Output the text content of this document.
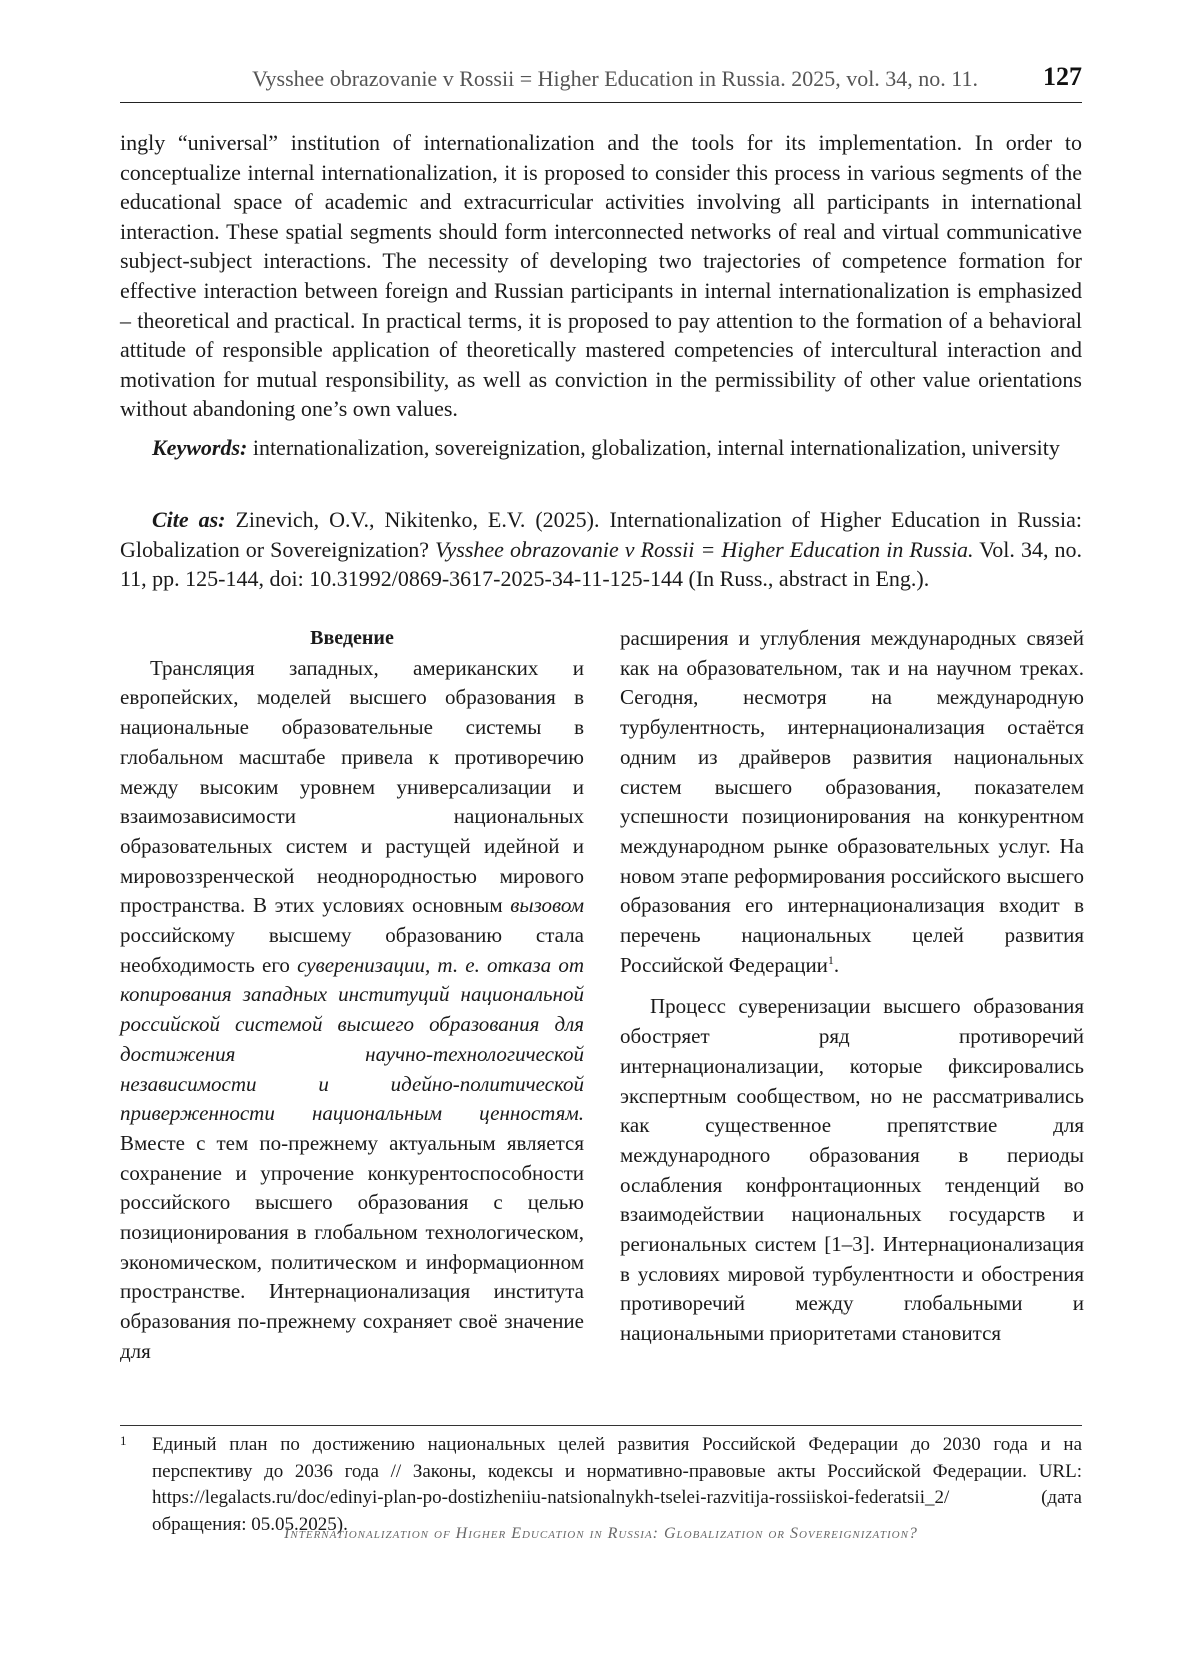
Vysshee obrazovanie v Rossii = Higher Education in Russia. 2025, vol. 34, no. 11.	127

ingly “universal” institution of internationalization and the tools for its implementation. In order to conceptualize internal internationalization, it is proposed to consider this process in various segments of the educational space of academic and extracurricular activities involving all participants in international interaction. These spatial segments should form interconnected networks of real and virtual communicative subject-subject interactions. The necessity of developing two trajectories of competence formation for effective interaction between foreign and Russian participants in internal internationalization is emphasized – theoretical and practical. In practical terms, it is proposed to pay attention to the formation of a behavioral attitude of responsible application of theoretically mastered competencies of intercultural interaction and motivation for mutual responsibility, as well as conviction in the permissibility of other value orientations without abandoning one’s own values.

Keywords: internationalization, sovereignization, globalization, internal internationalization, university
Cite as: Zinevich, O.V., Nikitenko, E.V. (2025). Internationalization of Higher Education in Russia: Globalization or Sovereignization? Vysshee obrazovanie v Rossii = Higher Education in Russia. Vol. 34, no. 11, pp. 125-144, doi: 10.31992/0869-3617-2025-34-11-125-144 (In Russ., abstract in Eng.).

Введение

Трансляция западных, американских и европейских, моделей высшего образования в национальные образовательные системы в глобальном масштабе привела к противоречию между высоким уровнем универсализации и взаимозависимости национальных образовательных систем и растущей идейной и мировоззренческой неоднородностью мирового пространства. В этих условиях основным вызовом российскому высшему образованию стала необходимость его суверенизации, т. е. отказа от копирования западных институций национальной российской системой высшего образования для достижения научно-технологической независимости и идейно-политической приверженности национальным ценностям. Вместе с тем по-прежнему актуальным является сохранение и упрочение конкурентоспособности российского высшего образования с целью позиционирования в глобальном технологическом, экономическом, политическом и информационном пространстве. Интернационализация института образования по-прежнему сохраняет своё значение для

расширения и углубления международных связей как на образовательном, так и на научном треках. Сегодня, несмотря на международную турбулентность, интернационализация остаётся одним из драйверов развития национальных систем высшего образования, показателем успешности позиционирования на конкурентном международном рынке образовательных услуг. На новом этапе реформирования российского высшего образования его интернационализация входит в перечень национальных целей развития Российской Федерации$^1$.

Процесс суверенизации высшего образования обостряет ряд противоречий интернационализации, которые фиксировались экспертным сообществом, но не рассматривались как существенное препятствие для международного образования в периоды ослабления конфронтационных тенденций во взаимодействии национальных государств и региональных систем [1–3]. Интернационализация в условиях мировой турбулентности и обострения противоречий между глобальными и национальными приоритетами становится

1	Единый план по достижению национальных целей развития Российской Федерации до 2030 года и на перспективу до 2036 года // Законы, кодексы и нормативно-правовые акты Российской Федерации. URL: https://legalacts.ru/doc/edinyi-plan-po-dostizheniiu-natsionalnykh-tselei-razvitija-rossiiskoi-federatsii_2/ (дата обращения: 05.05.2025).
Internationalization of Higher Education in Russia: Globalization or Sovereignization?
